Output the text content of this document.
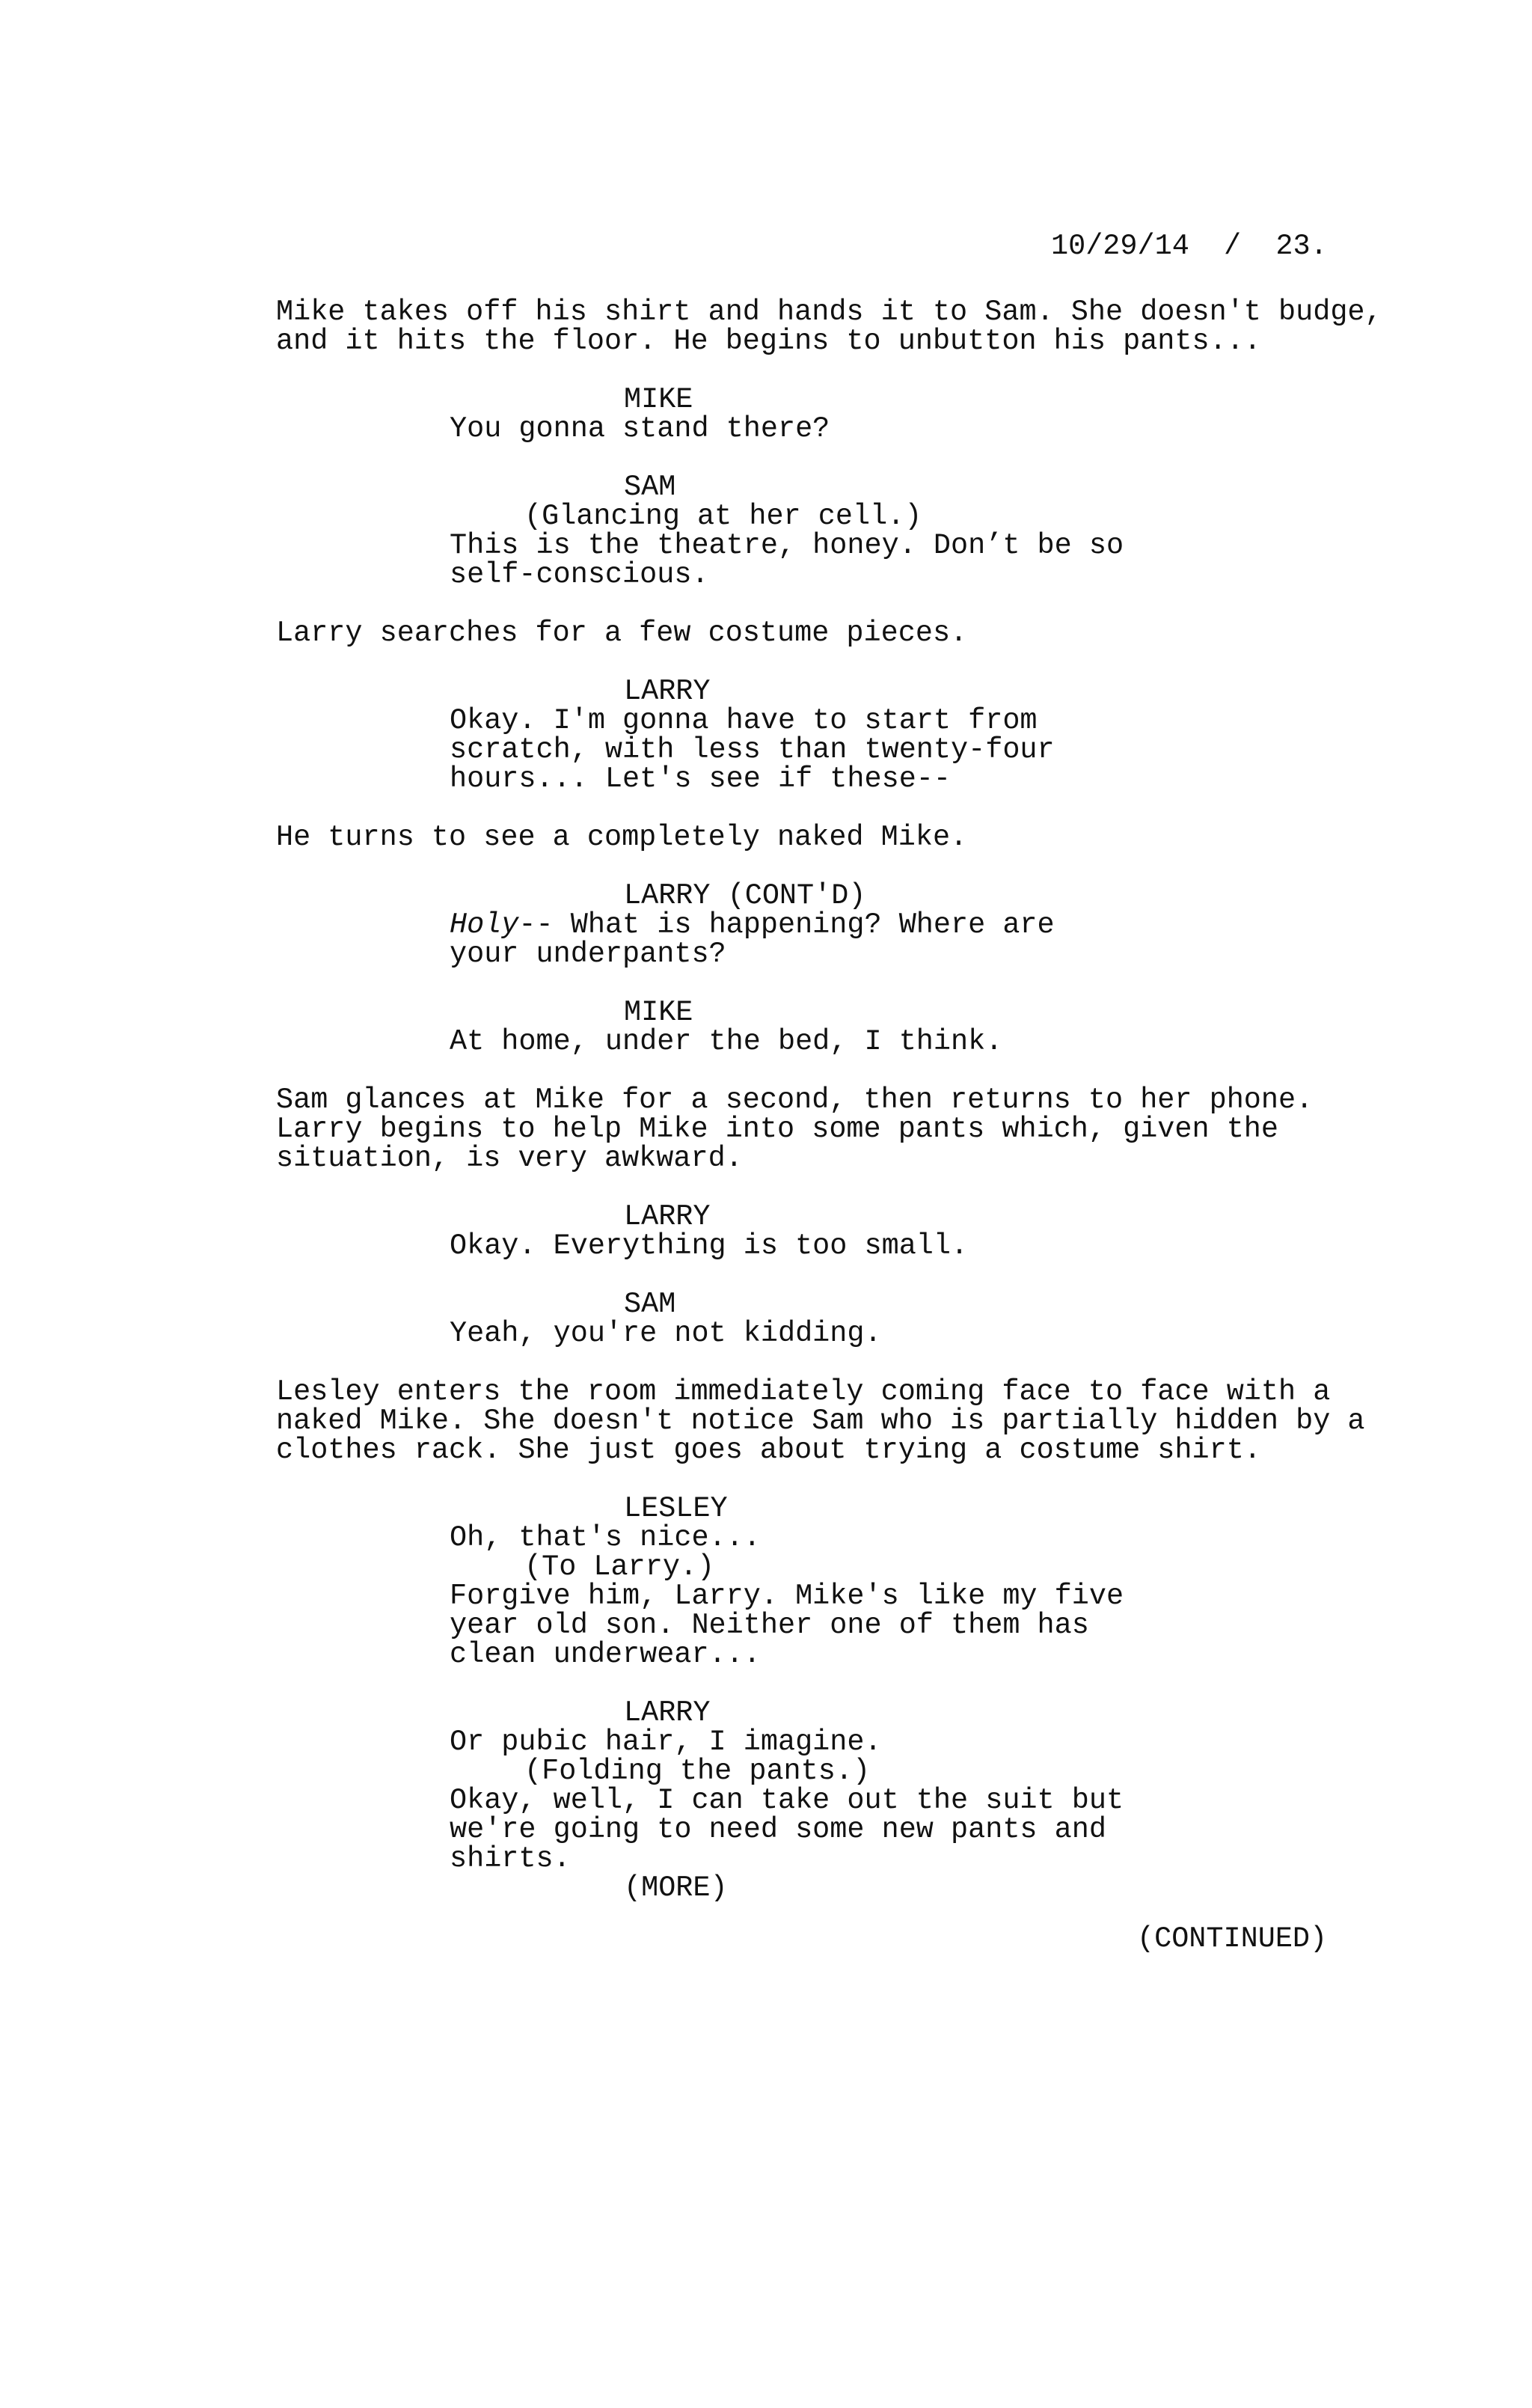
10/29/14  /  23.

Mike takes off his shirt and hands it to Sam. She doesn't budge,

and it hits the floor. He begins to unbutton his pants...

MIKE

You gonna stand there?

SAM

(Glancing at her cell.)

This is the theatre, honey. Don’t be so

self-conscious.

Larry searches for a few costume pieces.

LARRY

Okay. I'm gonna have to start from

scratch, with less than twenty-four

hours... Let's see if these--

He turns to see a completely naked Mike.

LARRY (CONT'D)

Holy-- What is happening? Where are

your underpants?

MIKE

At home, under the bed, I think.

Sam glances at Mike for a second, then returns to her phone.

Larry begins to help Mike into some pants which, given the

situation, is very awkward.

LARRY

Okay. Everything is too small.

SAM

Yeah, you're not kidding.

Lesley enters the room immediately coming face to face with a

naked Mike. She doesn't notice Sam who is partially hidden by a

clothes rack. She just goes about trying a costume shirt.

LESLEY

Oh, that's nice...

(To Larry.)

Forgive him, Larry. Mike's like my five

year old son. Neither one of them has

clean underwear...

LARRY

Or pubic hair, I imagine.

(Folding the pants.)

Okay, well, I can take out the suit but

we're going to need some new pants and

shirts.

(MORE)

(CONTINUED)
